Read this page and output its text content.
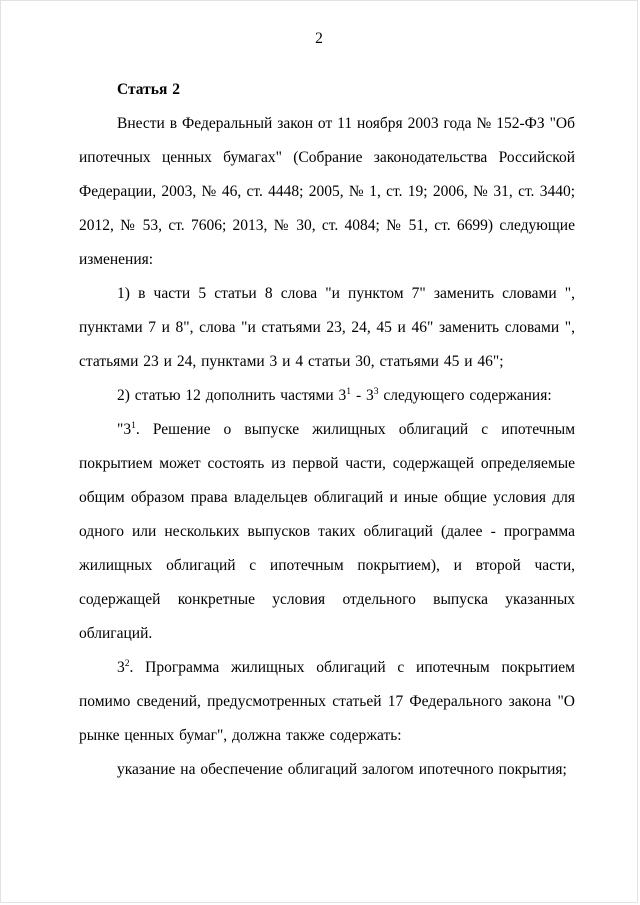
2

Статья 2

Внести в Федеральный закон от 11 ноября 2003 года № 152-ФЗ "Об ипотечных ценных бумагах" (Собрание законодательства Российской Федерации, 2003, № 46, ст. 4448; 2005, № 1, ст. 19; 2006, № 31, ст. 3440; 2012, № 53, ст. 7606; 2013, № 30, ст. 4084; № 51, ст. 6699) следующие изменения:

1) в части 5 статьи 8 слова "и пунктом 7" заменить словами ", пунктами 7 и 8", слова "и статьями 23, 24, 45 и 46" заменить словами ", статьями 23 и 24, пунктами 3 и 4 статьи 30, статьями 45 и 46";

2) статью 12 дополнить частями $3^1 - 3^3$ следующего содержания:

"$3^1$. Решение о выпуске жилищных облигаций с ипотечным покрытием может состоять из первой части, содержащей определяемые общим образом права владельцев облигаций и иные общие условия для одного или нескольких выпусков таких облигаций (далее - программа жилищных облигаций с ипотечным покрытием), и второй части, содержащей конкретные условия отдельного выпуска указанных облигаций.

$3^2$. Программа жилищных облигаций с ипотечным покрытием помимо сведений, предусмотренных статьей 17 Федерального закона "О рынке ценных бумаг", должна также содержать:

указание на обеспечение облигаций залогом ипотечного покрытия;
